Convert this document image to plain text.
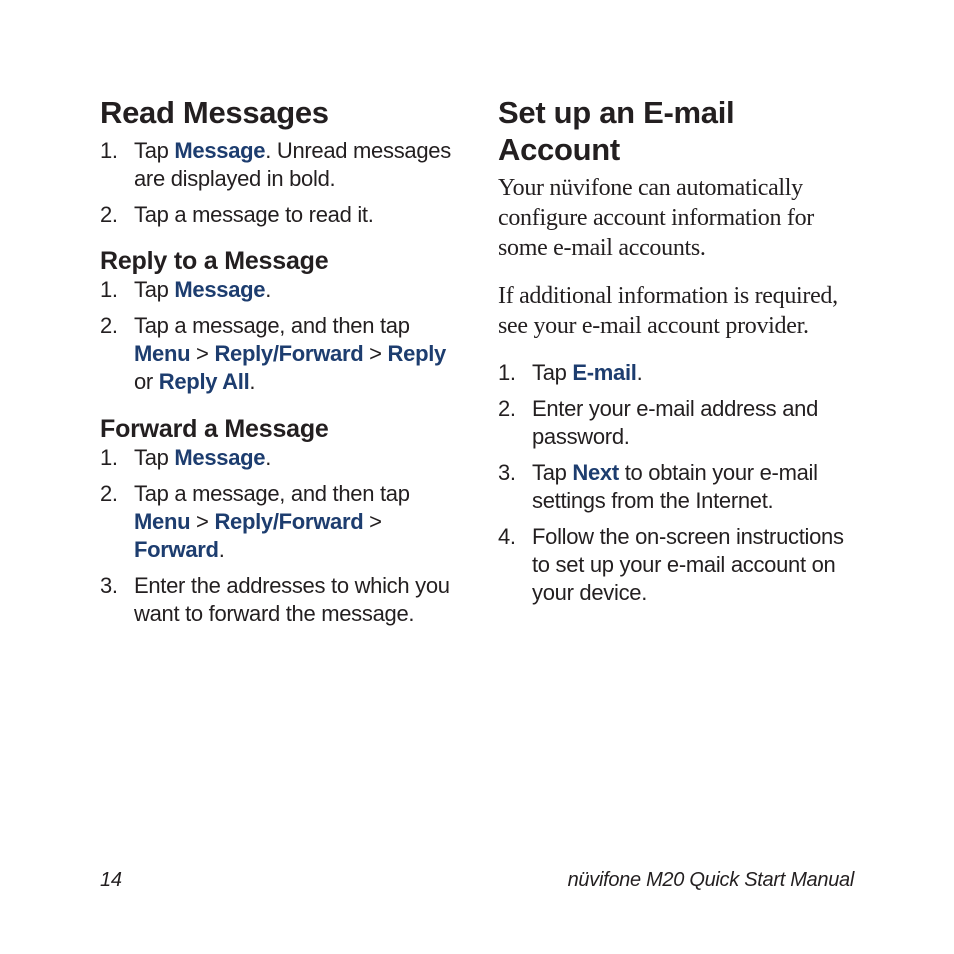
Read Messages
1. Tap Message. Unread messages are displayed in bold.
2. Tap a message to read it.
Reply to a Message
1. Tap Message.
2. Tap a message, and then tap Menu > Reply/Forward > Reply or Reply All.
Forward a Message
1. Tap Message.
2. Tap a message, and then tap Menu > Reply/Forward > Forward.
3. Enter the addresses to which you want to forward the message.
Set up an E-mail
Account

Your nüvifone can automatically configure account information for some e-mail accounts.

If additional information is required, see your e-mail account provider.

1. Tap E-mail.
2. Enter your e-mail address and password.
3. Tap Next to obtain your e-mail settings from the Internet.
4. Follow the on-screen instructions to set up your e-mail account on your device.
14	nüvifone M20 Quick Start Manual
